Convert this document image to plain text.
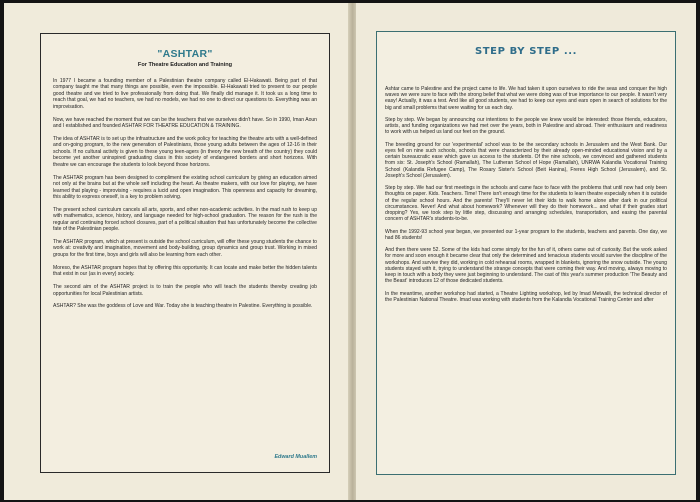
"ASHTAR"
For Theatre Education and Training

In 1977 I became a founding member of a Palestinian theatre company called El-Hakawati. Being part of that company taught me that many things are possible, even the impossible. El-Hakawati tried to present to our people good theatre and we tried to live professionally from doing that. We finally did manage it. It took us a long time to reach that goal, we had no teachers, we had no models, we had no one to direct our questions to. Everything was an improvisation.

Now, we have reached the moment that we can be the teachers that we ourselves didn't have. So in 1990, Iman Aoun and I established and founded ASHTAR FOR THEATRE EDUCATION & TRAINING.

The idea of ASHTAR is to set up the infrastructure and the work policy for teaching the theatre arts with a well-defined and on-going program, to the new generation of Palestinians, those young adults between the ages of 12-16 in their schools. If no cultural activity is given to these young teen-agers (in theory the new breath of the country) they could become yet another uninspired graduating class in this society of endangered borders and short horizons. With theatre we can encourage the students to look beyond those horizons.

The ASHTAR program has been designed to compliment the existing school curriculum by giving an education aimed not only at the brains but at the whole self including the heart. As theatre makers, with our love for playing, we have learned that playing - improvising - requires a lucid and open imagination. This openness and capacity for dreaming, this ability to express oneself, is a key to problem solving.

The present school curriculum cancels all arts, sports, and other non-academic activities. In the mad rush to keep up with mathematics, science, history, and language needed for high-school graduation. The reason for the rush is the regular and continuing forced school closures, part of a political situation that has unfortunately become the collective fate of the Palestinian people.

The ASHTAR program, which at present is outside the school curriculum, will offer these young students the chance to work at: creativity and imagination, movement and body-building, group dynamics and group trust. Working in mixed groups for the first time, boys and girls will also be learning from each other.

Moreso, the ASHTAR program hopes that by offering this opportunity. It can locate and make better the hidden talents that exist in our (as in every) society.

The second aim of the ASHTAR project is to train the people who will teach the students thereby creating job opportunities for local Palestinian artists.

ASHTAR? She was the goddess of Love and War. Today she is teaching theatre in Palestine. Everything is possible.

Edward Muallem
STEP BY STEP ...

Ashtar came to Palestine and the project came to life. We had taken it upon ourselves to ride the seas and conquer the high waves we were sure to face with the strong belief that what we were doing was of true importance to our people. It wasn't very easy! Actually, it was a test. And like all good students, we had to keep our eyes and ears open in search of solutions for the big and small problems that were waiting for us each day.

Step by step. We began by announcing our intentions to the people we knew would be interested: those friends, educators, artists, and funding organizations we had met over the years, both in Palestine and abroad. Their enthusiasm and readiness to work with us helped us land our feet on the ground.

The breeding ground for our 'experimental' school was to be the secondary schools in Jerusalem and the West Bank. Our eyes fell on nine such schools, schools that were characterized by their already open-minded educational vision and by a certain bureaucratic ease which gave us access to the students. Of the nine schools, we convinced and gathered students from six: St. Joseph's School (Ramallah), The Lutheran School of Hope (Ramallah), UNRWA Kalandia Vocational Training School (Kalandia Refugee Camp), The Rosary Sister's School (Beit Hanina), Freres High School (Jerusalem), and St. Joseph's School (Jerusalem).

Step by step. We had our first meetings in the schools and came face to face with the problems that until now had only been thoughts on paper. Kids. Teachers. Time! There isn't enough time for the students to learn theatre especially when it is outside of the regular school hours. And the parents! They'll never let their kids to walk home alone after dark in our political circumstances. Never! And what about homework? Whenever will they do their homework... and what if their grades start dropping? Yes, we took step by little step, discussing and arranging schedules, transportation, and easing the parental concern of ASHTAR's students-to-be.

When the 1992-93 school year began, we presented our 1-year program to the students, teachers and parents. One day, we had 86 students!

And then there were 52. Some of the kids had come simply for the fun of it, others came out of curiosity. But the work asked for more and soon enough it became clear that only the determined and tenacious students would survive the discipline of the workshops. And survive they did, working in cold rehearsal rooms, wrapped in blankets, ignoring the snow outside. The young students stayed with it, trying to understand the strange concepts that were coming their way. And moving, always moving to keep in touch with a body they were just beginning to understand. The cast of this year's summer production 'The Beauty and the Beast' introduces 12 of those dedicated students.

In the meantime, another workshop had started, a Theatre Lighting workshop, led by Imad Metwalli, the technical director of the Palestinian National Theatre. Imad was working with students from the Kalandia Vocational Training Center and after
